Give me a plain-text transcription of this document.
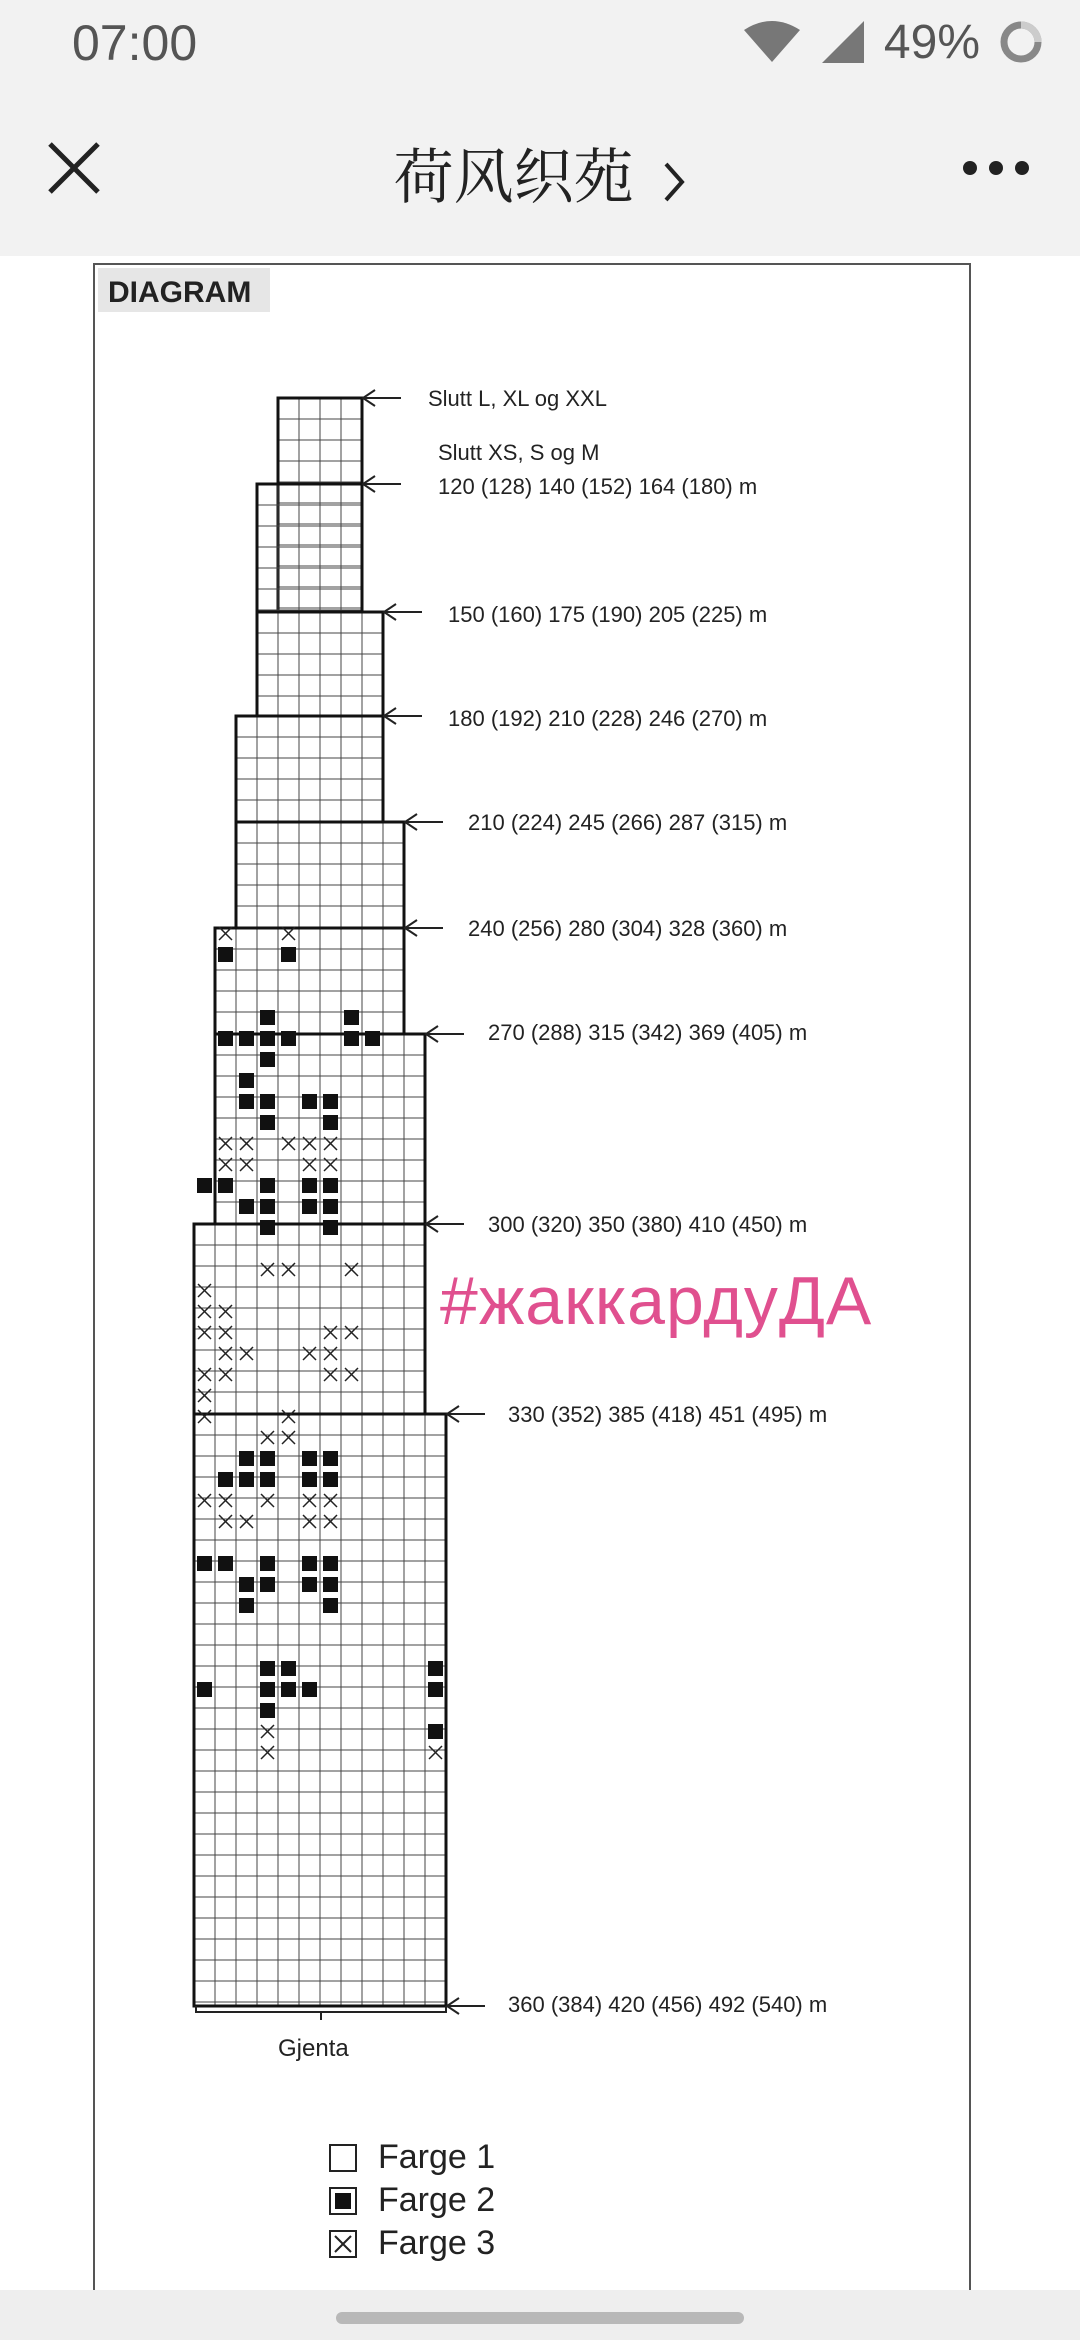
07:00	49%
荷风织苑
DIAGRAM
Slutt L, XL og XXL
Slutt XS, S og M
120 (128) 140 (152) 164 (180) m
150 (160) 175 (190) 205 (225) m
180 (192) 210 (228) 246 (270) m
210 (224) 245 (266) 287 (315) m
240 (256) 280 (304) 328 (360) m
270 (288) 315 (342) 369 (405) m
300 (320) 350 (380) 410 (450) m
330 (352) 385 (418) 451 (495) m
360 (384) 420 (456) 492 (540) m
Gjenta
#жаккардуДА
Farge 1
Farge 2
Farge 3
